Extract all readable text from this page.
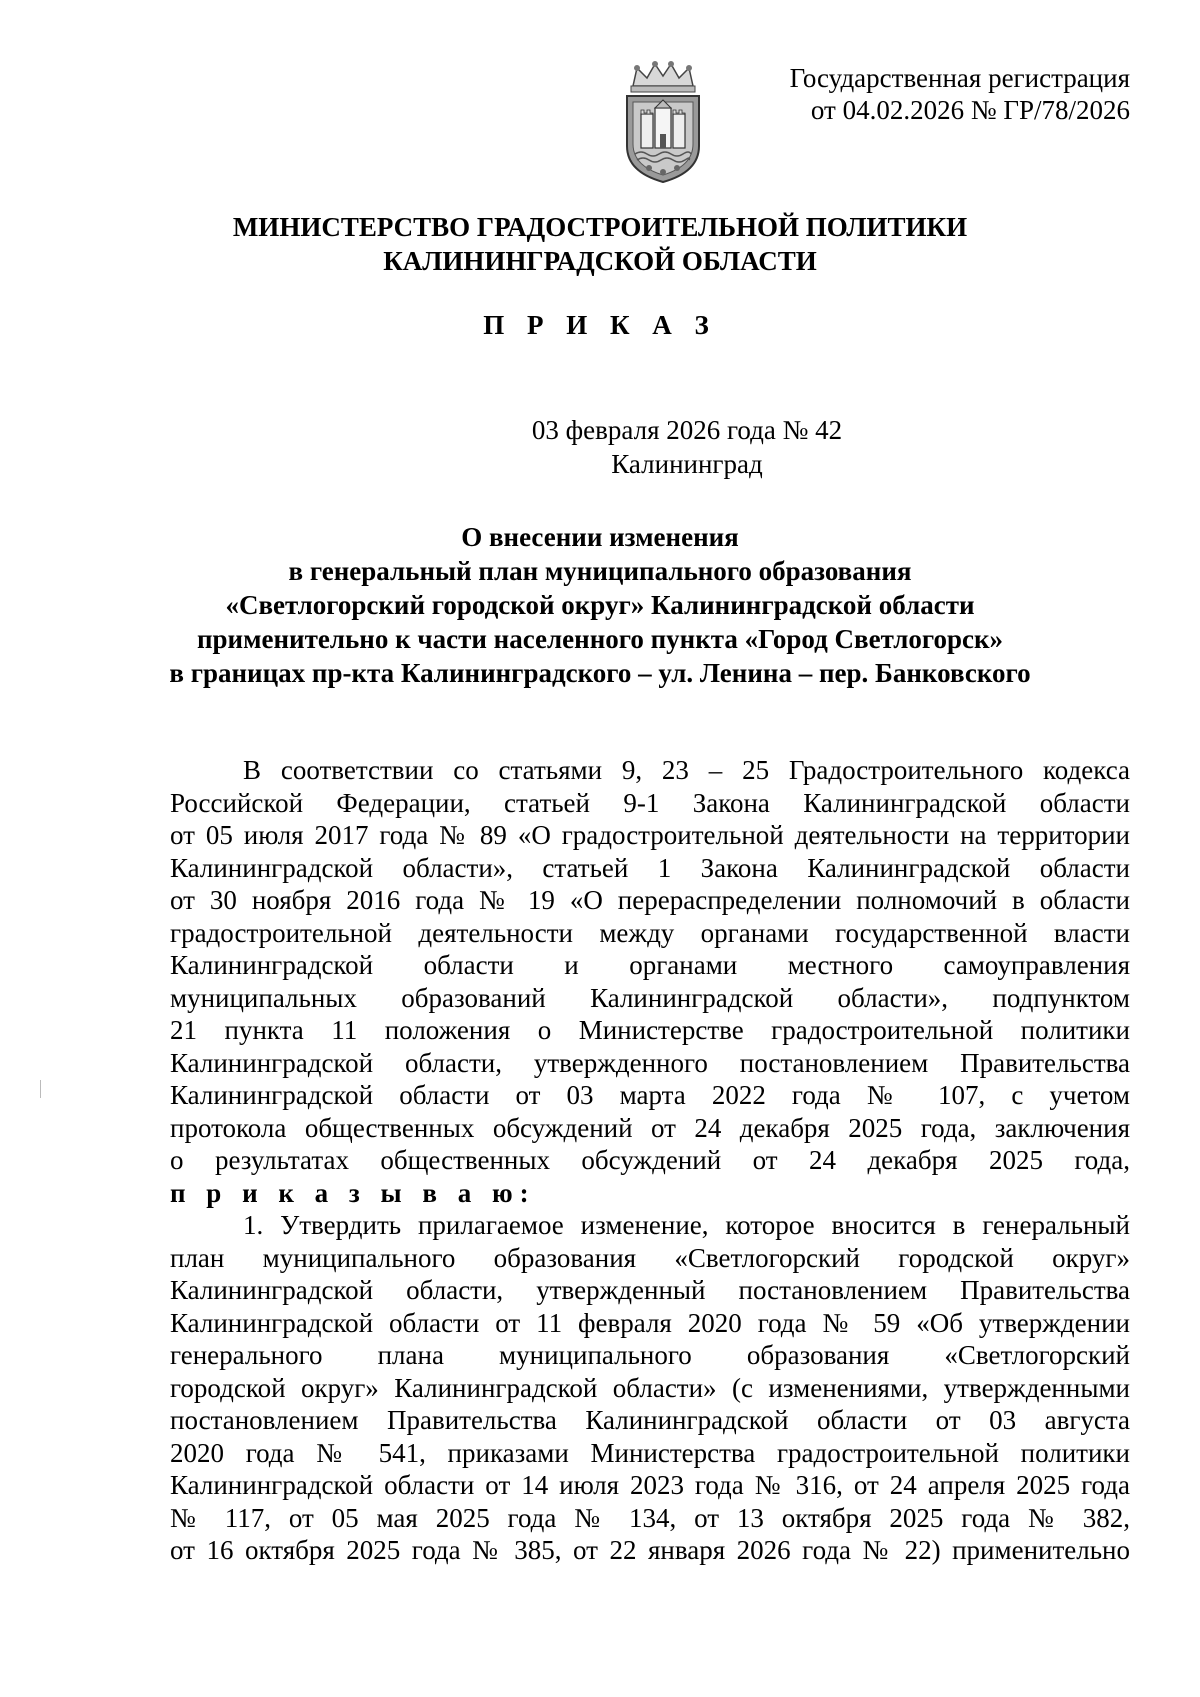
Государственная регистрация
от 04.02.2026 № ГР/78/2026
МИНИСТЕРСТВО ГРАДОСТРОИТЕЛЬНОЙ ПОЛИТИКИ
КАЛИНИНГРАДСКОЙ ОБЛАСТИ
П Р И К А З
03 февраля 2026 года № 42
Калининград
О внесении изменения
в генеральный план муниципального образования
«Светлогорский городской округ» Калининградской области
применительно к части населенного пункта «Город Светлогорск»
в границах пр-кта Калининградского – ул. Ленина – пер. Банковского
В соответствии со статьями 9, 23 – 25 Градостроительного кодекса
Российской Федерации, статьей 9-1 Закона Калининградской области
от 05 июля 2017 года № 89 «О градостроительной деятельности на территории
Калининградской области», статьей 1 Закона Калининградской области
от 30 ноября 2016 года № 19 «О перераспределении полномочий в области
градостроительной деятельности между органами государственной власти
Калининградской области и органами местного самоуправления
муниципальных образований Калининградской области», подпунктом
21 пункта 11 положения о Министерстве градостроительной политики
Калининградской области, утвержденного постановлением Правительства
Калининградской области от 03 марта 2022 года № 107, с учетом
протокола общественных обсуждений от 24 декабря 2025 года, заключения
о результатах общественных обсуждений от 24 декабря 2025 года,
п р и к а з ы в а ю:
1. Утвердить прилагаемое изменение, которое вносится в генеральный
план муниципального образования «Светлогорский городской округ»
Калининградской области, утвержденный постановлением Правительства
Калининградской области от 11 февраля 2020 года № 59 «Об утверждении
генерального плана муниципального образования «Светлогорский
городской округ» Калининградской области» (с изменениями, утвержденными
постановлением Правительства Калининградской области от 03 августа
2020 года № 541, приказами Министерства градостроительной политики
Калининградской области от 14 июля 2023 года № 316, от 24 апреля 2025 года
№ 117, от 05 мая 2025 года № 134, от 13 октября 2025 года № 382,
от 16 октября 2025 года № 385, от 22 января 2026 года № 22) применительно
